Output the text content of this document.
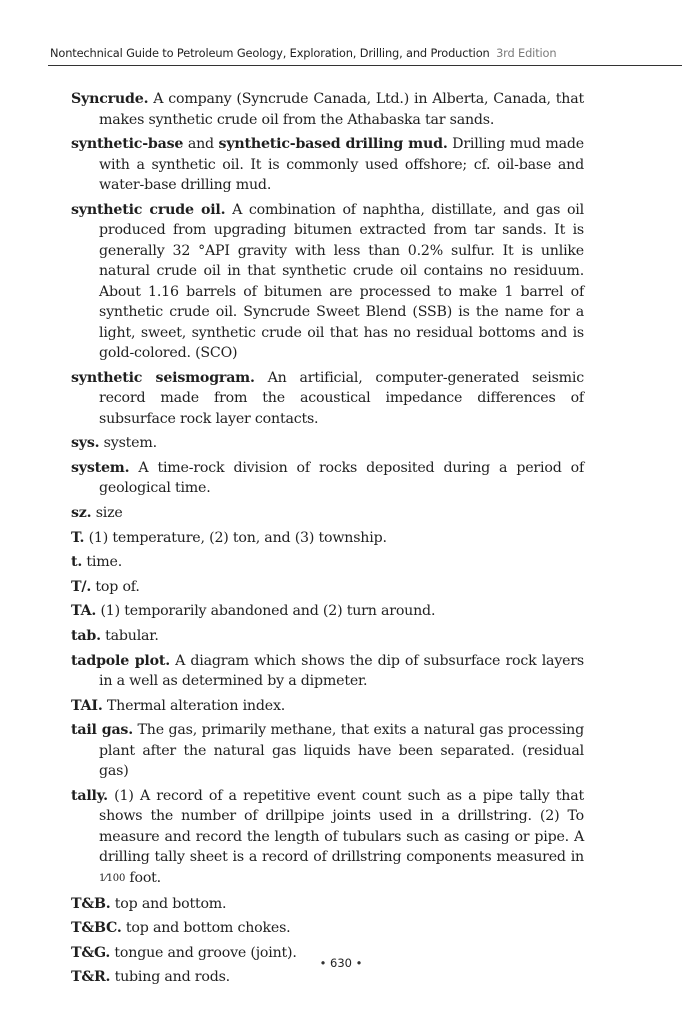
Nontechnical Guide to Petroleum Geology, Exploration, Drilling, and Production 3rd Edition

Syncrude. A company (Syncrude Canada, Ltd.) in Alberta, Canada, that makes synthetic crude oil from the Athabaska tar sands.

synthetic-base and synthetic-based drilling mud. Drilling mud made with a synthetic oil. It is commonly used offshore; cf. oil-base and water-base drilling mud.

synthetic crude oil. A combination of naphtha, distillate, and gas oil produced from upgrading bitumen extracted from tar sands. It is generally 32 °API gravity with less than 0.2% sulfur. It is unlike natural crude oil in that synthetic crude oil contains no residuum. About 1.16 barrels of bitumen are processed to make 1 barrel of synthetic crude oil. Syncrude Sweet Blend (SSB) is the name for a light, sweet, synthetic crude oil that has no residual bottoms and is gold-colored. (SCO)

synthetic seismogram. An artificial, computer-generated seismic record made from the acoustical impedance differences of subsurface rock layer contacts.

sys. system.

system. A time-rock division of rocks deposited during a period of geological time.

sz. size

T. (1) temperature, (2) ton, and (3) township.

t. time.

T/. top of.

TA. (1) temporarily abandoned and (2) turn around.

tab. tabular.

tadpole plot. A diagram which shows the dip of subsurface rock layers in a well as determined by a dipmeter.

TAI. Thermal alteration index.

tail gas. The gas, primarily methane, that exits a natural gas processing plant after the natural gas liquids have been separated. (residual gas)

tally. (1) A record of a repetitive event count such as a pipe tally that shows the number of drillpipe joints used in a drillstring. (2) To measure and record the length of tubulars such as casing or pipe. A drilling tally sheet is a record of drillstring components measured in 1⁄100 foot.

T&B. top and bottom.

T&BC. top and bottom chokes.

T&G. tongue and groove (joint).

T&R. tubing and rods.

• 630 •
